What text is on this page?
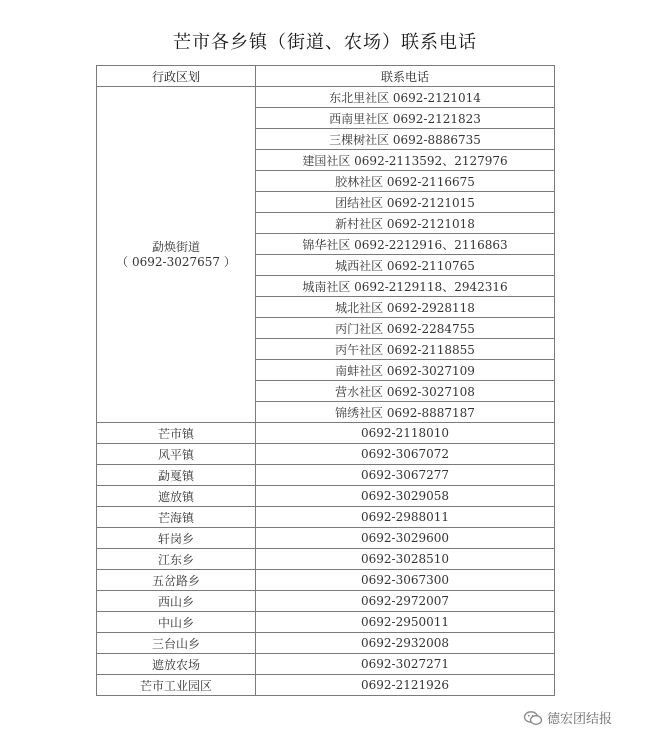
芒市各乡镇（街道、农场）联系电话
行政区划	联系电话

勐焕街道
（ 0692-3027657 ）	东北里社区 0692-2121014
	西南里社区 0692-2121823
	三棵树社区 0692-8886735
	建国社区 0692-2113592、2127976
	胶林社区 0692-2116675
	团结社区 0692-2121015
	新村社区 0692-2121018
	锦华社区 0692-2212916、2116863
	城西社区 0692-2110765
	城南社区 0692-2129118、2942316
	城北社区 0692-2928118
	丙门社区 0692-2284755
	丙午社区 0692-2118855
	南蚌社区 0692-3027109
	营水社区 0692-3027108
	锦绣社区 0692-8887187
芒市镇	0692-2118010
风平镇	0692-3067072
勐戛镇	0692-3067277
遮放镇	0692-3029058
芒海镇	0692-2988011
轩岗乡	0692-3029600
江东乡	0692-3028510
五岔路乡	0692-3067300
西山乡	0692-2972007
中山乡	0692-2950011
三台山乡	0692-2932008
遮放农场	0692-3027271
芒市工业园区	0692-2121926
德宏团结报
